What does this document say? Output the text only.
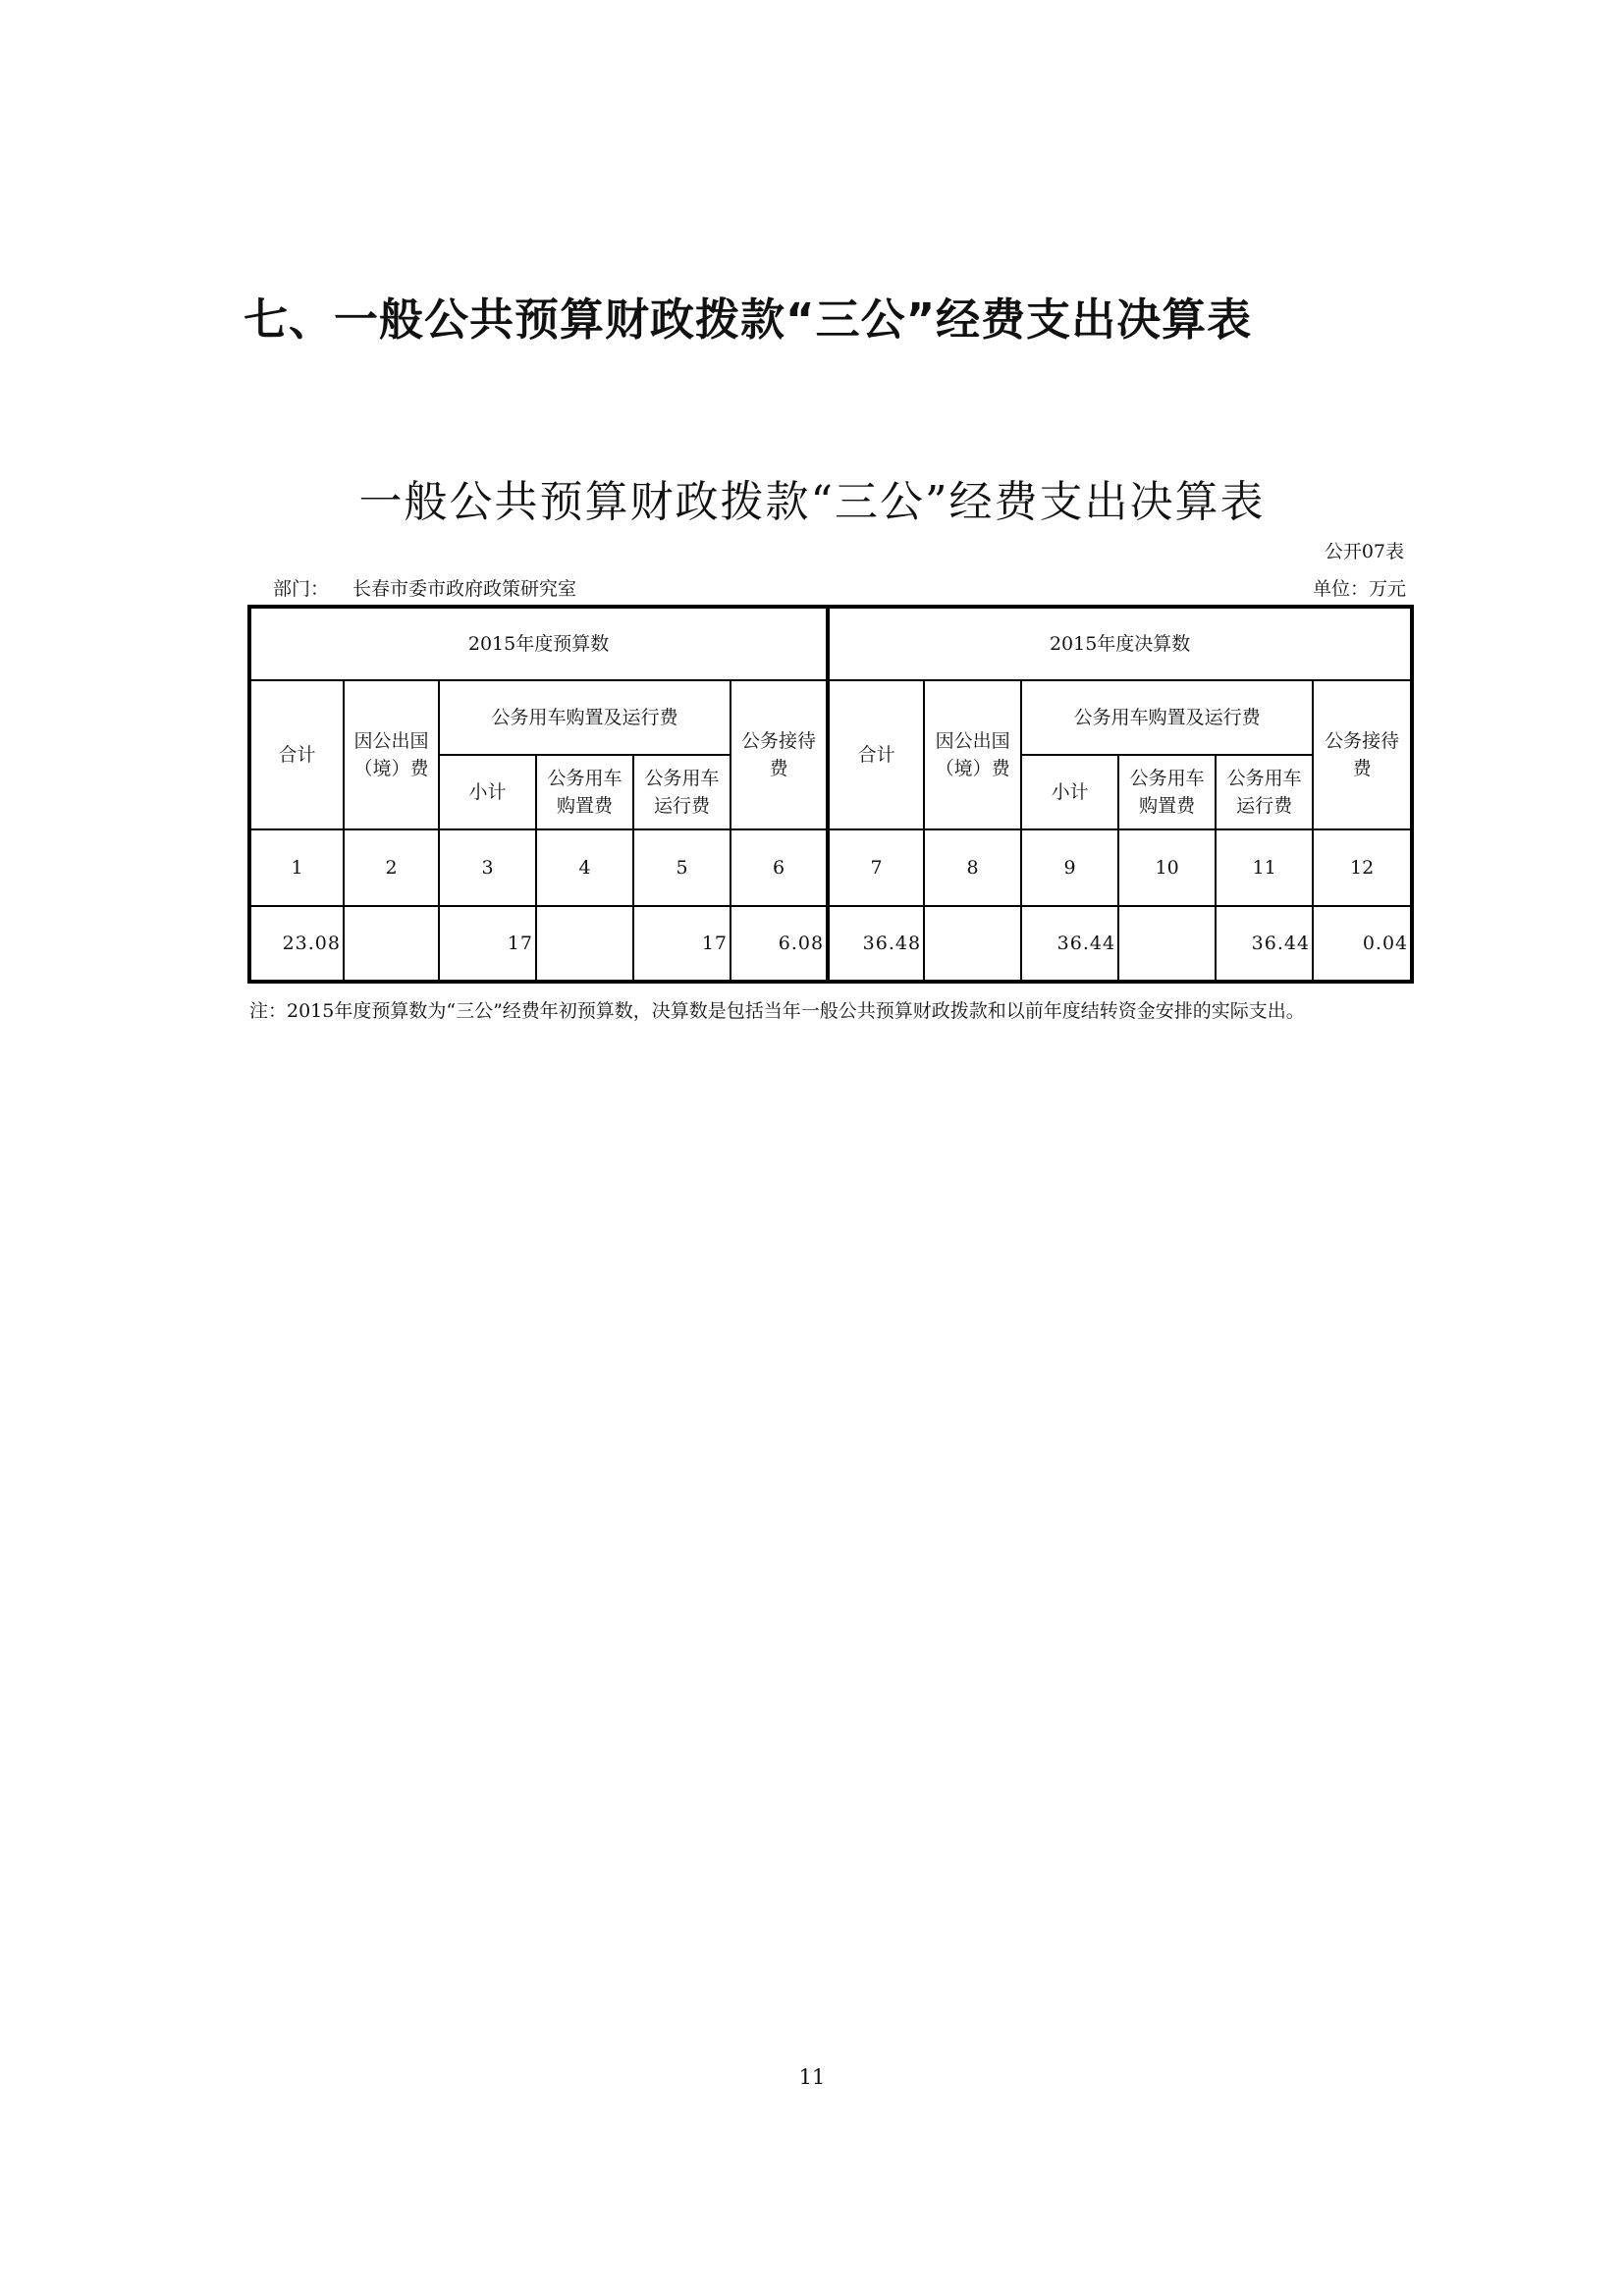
七、一般公共预算财政拨款“三公”经费支出决算表
一般公共预算财政拨款“三公”经费支出决算表
公开07表
部门： 长春市委市政府政策研究室	单位：万元
2015年度预算数						2015年度决算数					
合计	因公出国（境）费	公务用车购置及运行费			公务接待费	合计	因公出国（境）费	公务用车购置及运行费			公务接待费
		小计	公务用车购置费	公务用车运行费				小计	公务用车购置费	公务用车运行费	
1	2	3	4	5	6	7	8	9	10	11	12
23.08		17		17	6.08	36.48		36.44		36.44	0.04
注：2015年度预算数为“三公”经费年初预算数，决算数是包括当年一般公共预算财政拨款和以前年度结转资金安排的实际支出。
11
